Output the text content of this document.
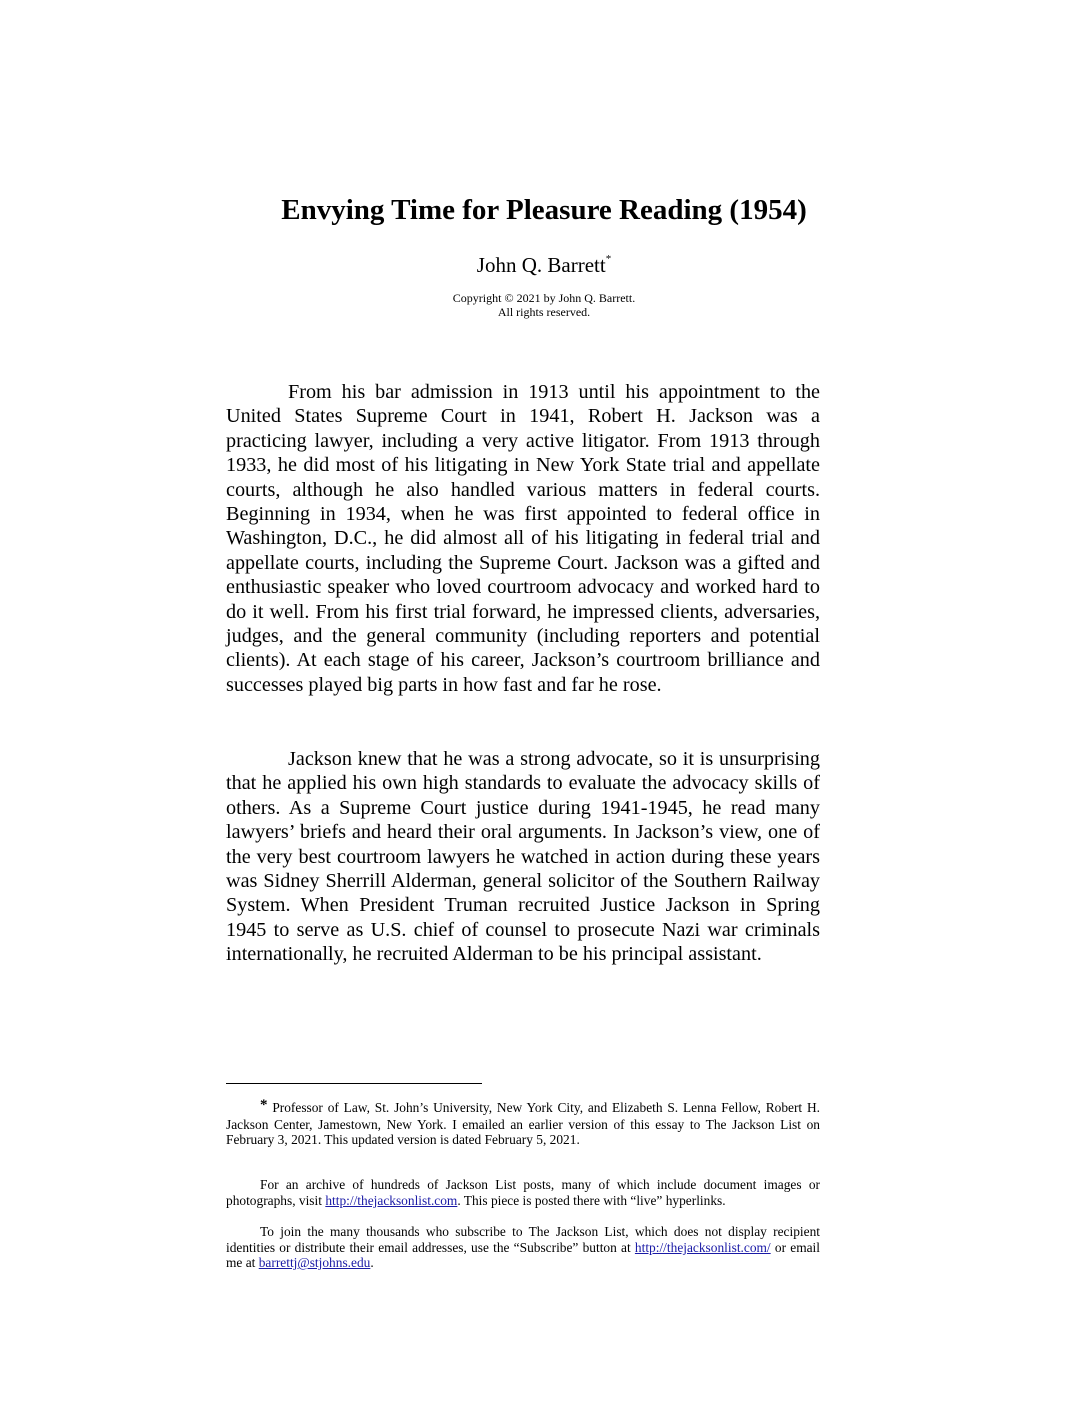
Envying Time for Pleasure Reading (1954)
John Q. Barrett*
Copyright © 2021 by John Q. Barrett.
All rights reserved.

From his bar admission in 1913 until his appointment to the United States Supreme Court in 1941, Robert H. Jackson was a practicing lawyer, including a very active litigator. From 1913 through 1933, he did most of his litigating in New York State trial and appellate courts, although he also handled various matters in federal courts. Beginning in 1934, when he was first appointed to federal office in Washington, D.C., he did almost all of his litigating in federal trial and appellate courts, including the Supreme Court. Jackson was a gifted and enthusiastic speaker who loved courtroom advocacy and worked hard to do it well. From his first trial forward, he impressed clients, adversaries, judges, and the general community (including reporters and potential clients). At each stage of his career, Jackson’s courtroom brilliance and successes played big parts in how fast and far he rose.

Jackson knew that he was a strong advocate, so it is unsurprising that he applied his own high standards to evaluate the advocacy skills of others. As a Supreme Court justice during 1941-1945, he read many lawyers’ briefs and heard their oral arguments. In Jackson’s view, one of the very best courtroom lawyers he watched in action during these years was Sidney Sherrill Alderman, general solicitor of the Southern Railway System. When President Truman recruited Justice Jackson in Spring 1945 to serve as U.S. chief of counsel to prosecute Nazi war criminals internationally, he recruited Alderman to be his principal assistant.

* Professor of Law, St. John’s University, New York City, and Elizabeth S. Lenna Fellow, Robert H. Jackson Center, Jamestown, New York. I emailed an earlier version of this essay to The Jackson List on February 3, 2021. This updated version is dated February 5, 2021.

For an archive of hundreds of Jackson List posts, many of which include document images or photographs, visit http://thejacksonlist.com. This piece is posted there with “live” hyperlinks.

To join the many thousands who subscribe to The Jackson List, which does not display recipient identities or distribute their email addresses, use the “Subscribe” button at http://thejacksonlist.com/ or email me at barrettj@stjohns.edu.
